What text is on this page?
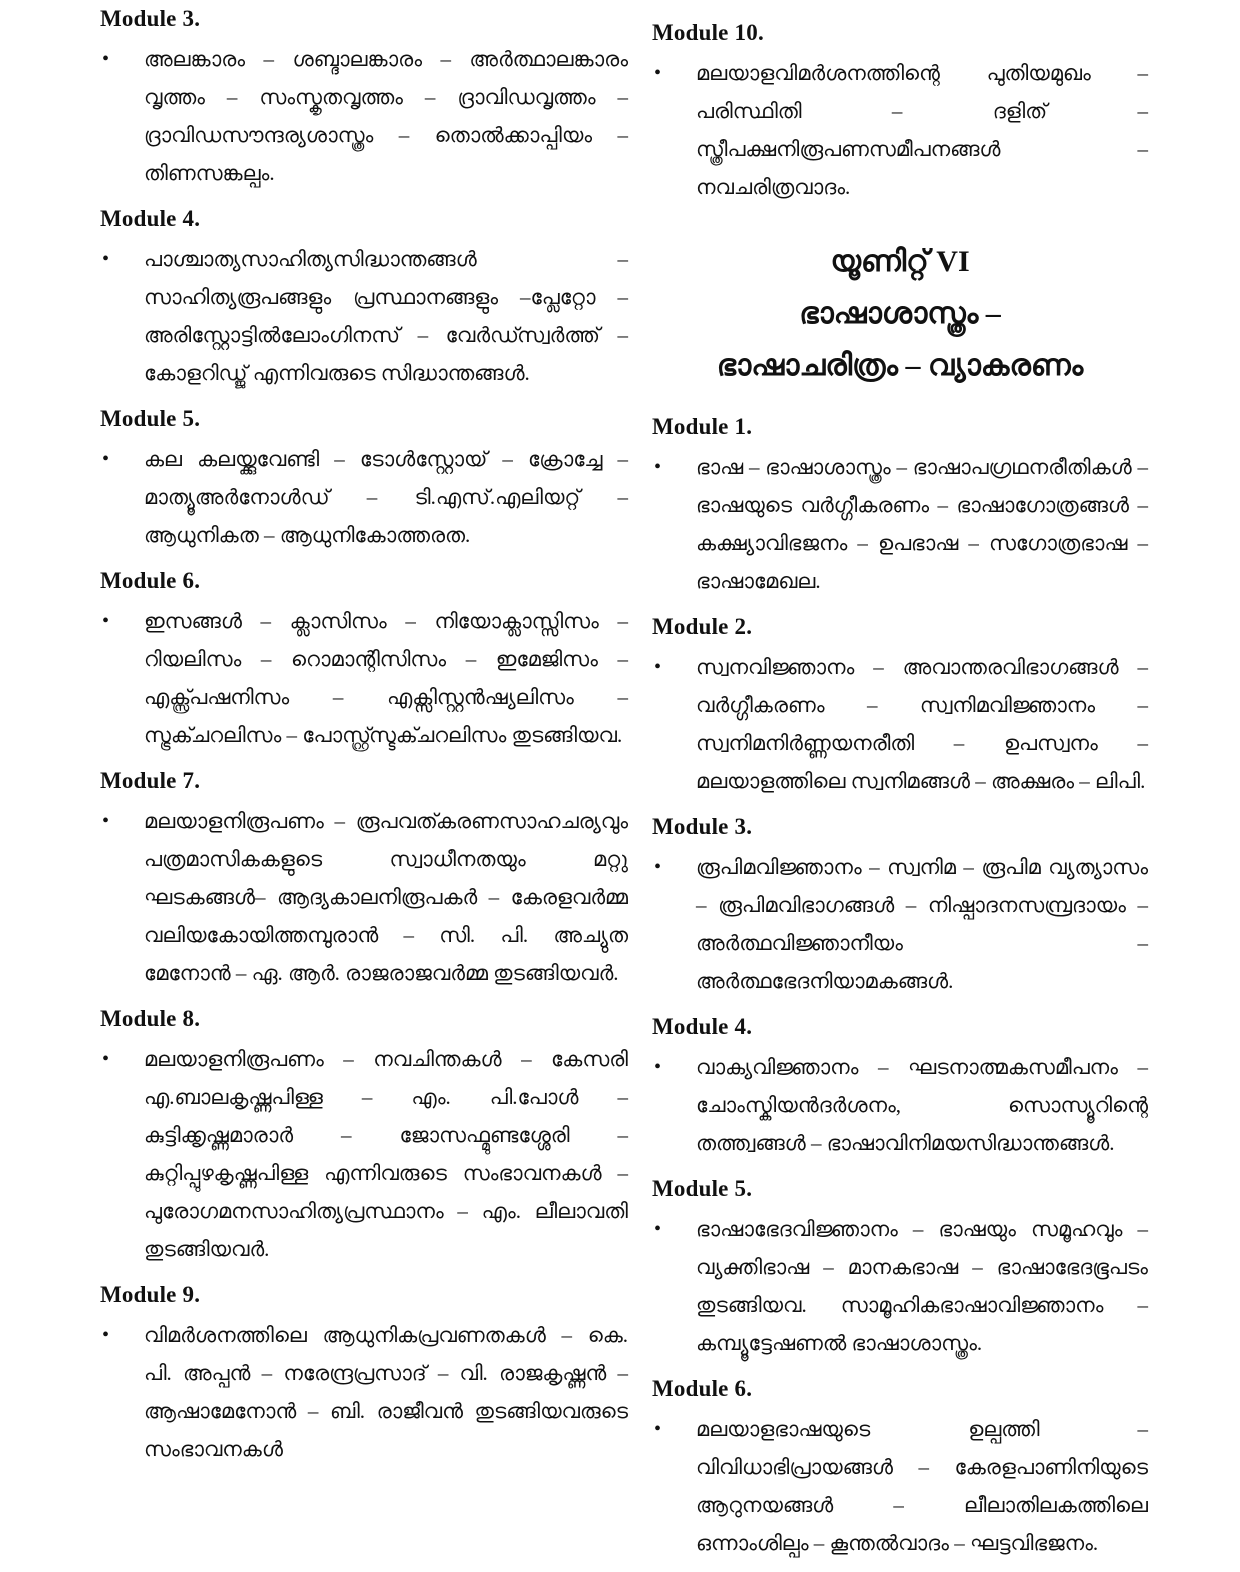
Module 3.
•	അലങ്കാരം – ശബ്ദാലങ്കാരം – അർത്ഥാലങ്കാരം വൃത്തം – സംസ്കൃതവൃത്തം – ദ്രാവിഡവൃത്തം – ദ്രാവിഡസൗന്ദര്യശാസ്ത്രം – തൊൽക്കാപ്പിയം – തിണസങ്കല്പം.
Module 4.
•	പാശ്ചാത്യസാഹിത്യസിദ്ധാന്തങ്ങൾ – സാഹിത്യരൂപങ്ങളും പ്രസ്ഥാനങ്ങളും –പ്ലേറ്റോ – അരിസ്റ്റോട്ടിൽലോംഗിനസ് – വേർഡ്സ്വർത്ത് – കോളറിഡ്ജ് എന്നിവരുടെ സിദ്ധാന്തങ്ങൾ.
Module 5.
•	കല കലയ്ക്കുവേണ്ടി – ടോൾസ്റ്റോയ് – ക്രോച്ചേ – മാത്യൂഅർനോൾഡ് – ടി.എസ്.എലിയറ്റ് – ആധുനികത – ആധുനികോത്തരത.
Module 6.
•	ഇസങ്ങൾ – ക്ലാസിസം – നിയോക്ലാസ്സിസം – റിയലിസം – റൊമാന്റിസിസം – ഇമേജിസം – എക്സ്പ്രഷനിസം – എക്സിസ്റ്റൻഷ്യലിസം – സ്ട്രക്ചറലിസം – പോസ്റ്റ്സ്ട്രക്ചറലിസം തുടങ്ങിയവ.
Module 7.
•	മലയാളനിരൂപണം – രൂപവത്കരണസാഹചര്യവും പത്രമാസികകളുടെ സ്വാധീനതയും മറ്റു ഘടകങ്ങൾ– ആദ്യകാലനിരൂപകർ – കേരളവർമ്മ വലിയകോയിത്തമ്പുരാൻ – സി. പി. അച്യുത മേനോൻ – ഏ. ആർ. രാജരാജവർമ്മ തുടങ്ങിയവർ.
Module 8.
•	മലയാളനിരൂപണം – നവചിന്തകൾ – കേസരി എ.ബാലകൃഷ്ണപിള്ള – എം. പി.പോൾ – കുട്ടിക്കൃഷ്ണമാരാർ – ജോസഫ്മുണ്ടശ്ശേരി – കുറ്റിപ്പുഴകൃഷ്ണപിള്ള എന്നിവരുടെ സംഭാവനകൾ – പുരോഗമനസാഹിത്യപ്രസ്ഥാനം – എം. ലീലാവതി തുടങ്ങിയവർ.
Module 9.
•	വിമർശനത്തിലെ ആധുനികപ്രവണതകൾ – കെ. പി. അപ്പൻ – നരേന്ദ്രപ്രസാദ് – വി. രാജകൃഷ്ണൻ – ആഷാമേനോൻ – ബി. രാജീവൻ തുടങ്ങിയവരുടെ സംഭാവനകൾ
Module 10.
•	മലയാളവിമർശനത്തിന്റെ പുതിയമുഖം – പരിസ്ഥിതി – ദളിത് – സ്ത്രീപക്ഷനിരൂപണസമീപനങ്ങൾ – നവചരിത്രവാദം.
യൂണിറ്റ് VI
ഭാഷാശാസ്ത്രം –
ഭാഷാചരിത്രം – വ്യാകരണം
Module 1.
•	ഭാഷ – ഭാഷാശാസ്ത്രം – ഭാഷാപഗ്രഥനരീതികൾ – ഭാഷയുടെ വർഗ്ഗീകരണം – ഭാഷാഗോത്രങ്ങൾ – കക്ഷ്യാവിഭജനം – ഉപഭാഷ – സഗോത്രഭാഷ – ഭാഷാമേഖല.
Module 2.
•	സ്വനവിജ്ഞാനം – അവാന്തരവിഭാഗങ്ങൾ –വർഗ്ഗീകരണം – സ്വനിമവിജ്ഞാനം – സ്വനിമനിർണ്ണയനരീതി – ഉപസ്വനം – മലയാളത്തിലെ സ്വനിമങ്ങൾ – അക്ഷരം – ലിപി.
Module 3.
•	രൂപിമവിജ്ഞാനം – സ്വനിമ – രൂപിമ വ്യത്യാസം – രൂപിമവിഭാഗങ്ങൾ – നിഷ്പാദനസമ്പ്രദായം – അർത്ഥവിജ്ഞാനീയം – അർത്ഥഭേദനിയാമകങ്ങൾ.
Module 4.
•	വാക്യവിജ്ഞാനം – ഘടനാത്മകസമീപനം – ചോംസ്കിയൻദർശനം, സൊസ്യൂറിന്റെ തത്ത്വങ്ങൾ – ഭാഷാവിനിമയസിദ്ധാന്തങ്ങൾ.
Module 5.
•	ഭാഷാഭേദവിജ്ഞാനം – ഭാഷയും സമൂഹവും – വ്യക്തിഭാഷ – മാനകഭാഷ – ഭാഷാഭേദഭൂപടം തുടങ്ങിയവ. സാമൂഹികഭാഷാവിജ്ഞാനം – കമ്പ്യൂട്ടേഷണൽ ഭാഷാശാസ്ത്രം.
Module 6.
•	മലയാളഭാഷയുടെ ഉല്പത്തി – വിവിധാഭിപ്രായങ്ങൾ – കേരളപാണിനിയുടെ ആറുനയങ്ങൾ – ലീലാതിലകത്തിലെ ഒന്നാംശില്പം – കൂന്തൽവാദം – ഘട്ടവിഭജനം.
